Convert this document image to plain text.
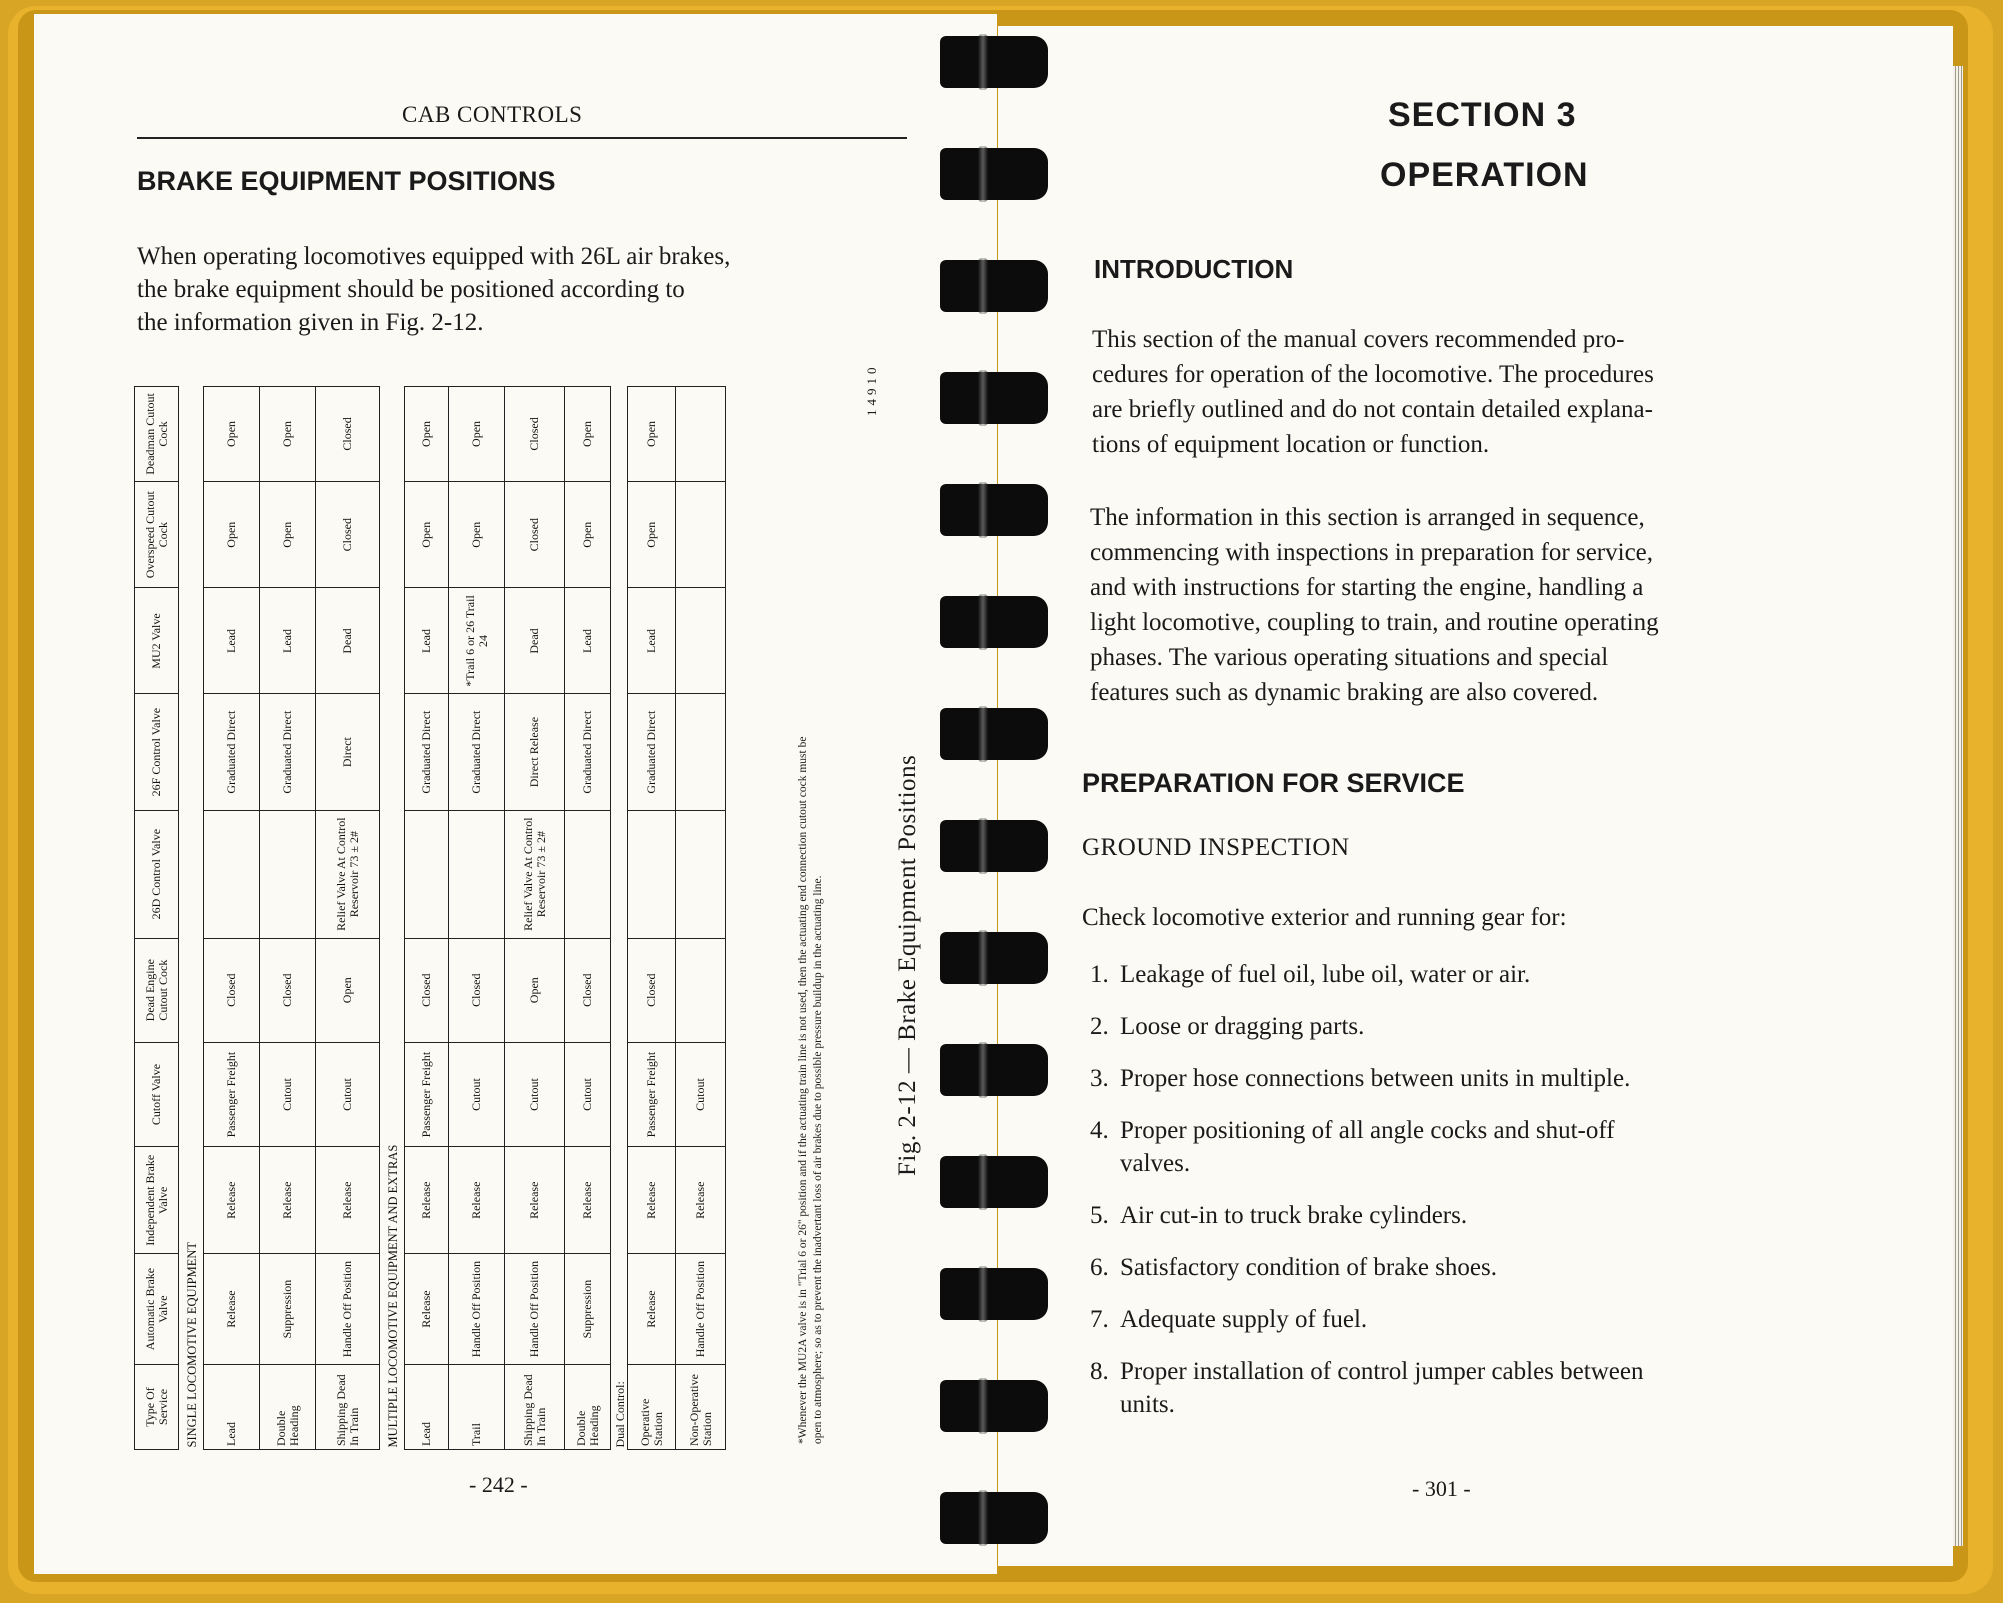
CAB CONTROLS
BRAKE EQUIPMENT POSITIONS
When operating locomotives equipped with 26L air brakes,
the brake equipment should be positioned according to
the information given in Fig. 2-12.
Type Of Service	Automatic Brake Valve	Independent Brake Valve	Cutoff Valve	Dead Engine Cutout Cock	26D Control Valve	26F Control Valve	MU2 Valve	Overspeed Cutout Cock	Deadman Cutout Cock
SINGLE LOCOMOTIVE EQUIPMENT									
Lead	Release	Release	Passenger Freight	Closed		Graduated Direct	Lead	Open	Open
Double Heading	Suppression	Release	Cutout	Closed		Graduated Direct	Lead	Open	Open
Shipping Dead In Train	Handle Off Position	Release	Cutout	Open	Relief Valve At Control Reservoir 73 ± 2#	Direct	Dead	Closed	Closed
MULTIPLE LOCOMOTIVE EQUIPMENT AND EXTRAS									
Lead	Release	Release	Passenger Freight	Closed		Graduated Direct	Lead	Open	Open
Trail	Handle Off Position	Release	Cutout	Closed		Graduated Direct	*Trail 6 or 26 Trail 24	Open	Open
Shipping Dead In Train	Handle Off Position	Release	Cutout	Open	Relief Valve At Control Reservoir 73 ± 2#	Direct Release	Dead	Closed	Closed
Double Heading	Suppression	Release	Cutout	Closed		Graduated Direct	Lead	Open	Open
Dual Control:									
Operative Station	Release	Release	Passenger Freight	Closed		Graduated Direct	Lead	Open	Open
Non-Operative Station	Handle Off Position	Release	Cutout							*Whenever the MU2A valve is in "Trial 6 or 26" position and if the actuating train line is not used, then the actuating end connection cutout cock must be open to atmosphere; so as to prevent the inadvertant loss of air brakes due to possible pressure buildup in the actuating line.
14910
Fig. 2-12 — Brake Equipment Positions
- 242 -
SECTION 3
OPERATION
INTRODUCTION
This section of the manual covers recommended pro-
cedures for operation of the locomotive. The procedures
are briefly outlined and do not contain detailed explana-
tions of equipment location or function.
The information in this section is arranged in sequence,
commencing with inspections in preparation for service,
and with instructions for starting the engine, handling a
light locomotive, coupling to train, and routine operating
phases. The various operating situations and special
features such as dynamic braking are also covered.
PREPARATION FOR SERVICE
GROUND INSPECTION
Check locomotive exterior and running gear for:
1. Leakage of fuel oil, lube oil, water or air.
2. Loose or dragging parts.
3. Proper hose connections between units in multiple.
4. Proper positioning of all angle cocks and shut-off
valves.
5. Air cut-in to truck brake cylinders.
6. Satisfactory condition of brake shoes.
7. Adequate supply of fuel.
8. Proper installation of control jumper cables between
units.
- 301 -
